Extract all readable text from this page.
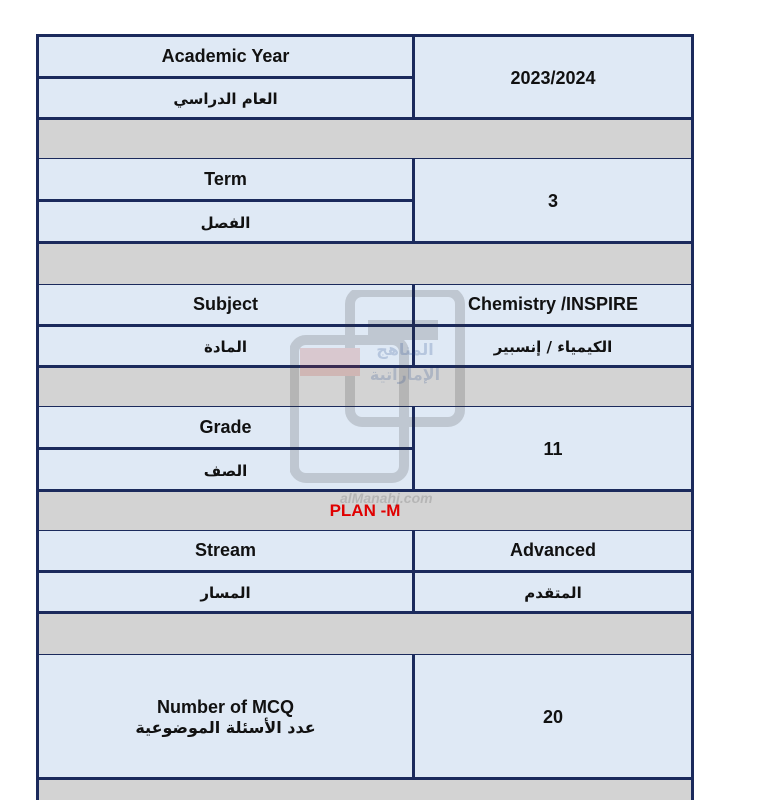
Academic Year
العام الدراسي
2023/2024
Term
الفصل
3
Subject
المادة
Chemistry /INSPIRE
الكيمياء / إنسبير
Grade
الصف
11
PLAN -M
Stream
المسار
Advanced
المتقدم
Number of MCQ
عدد الأسئلة الموضوعية
20
المناهج
الإماراتية
